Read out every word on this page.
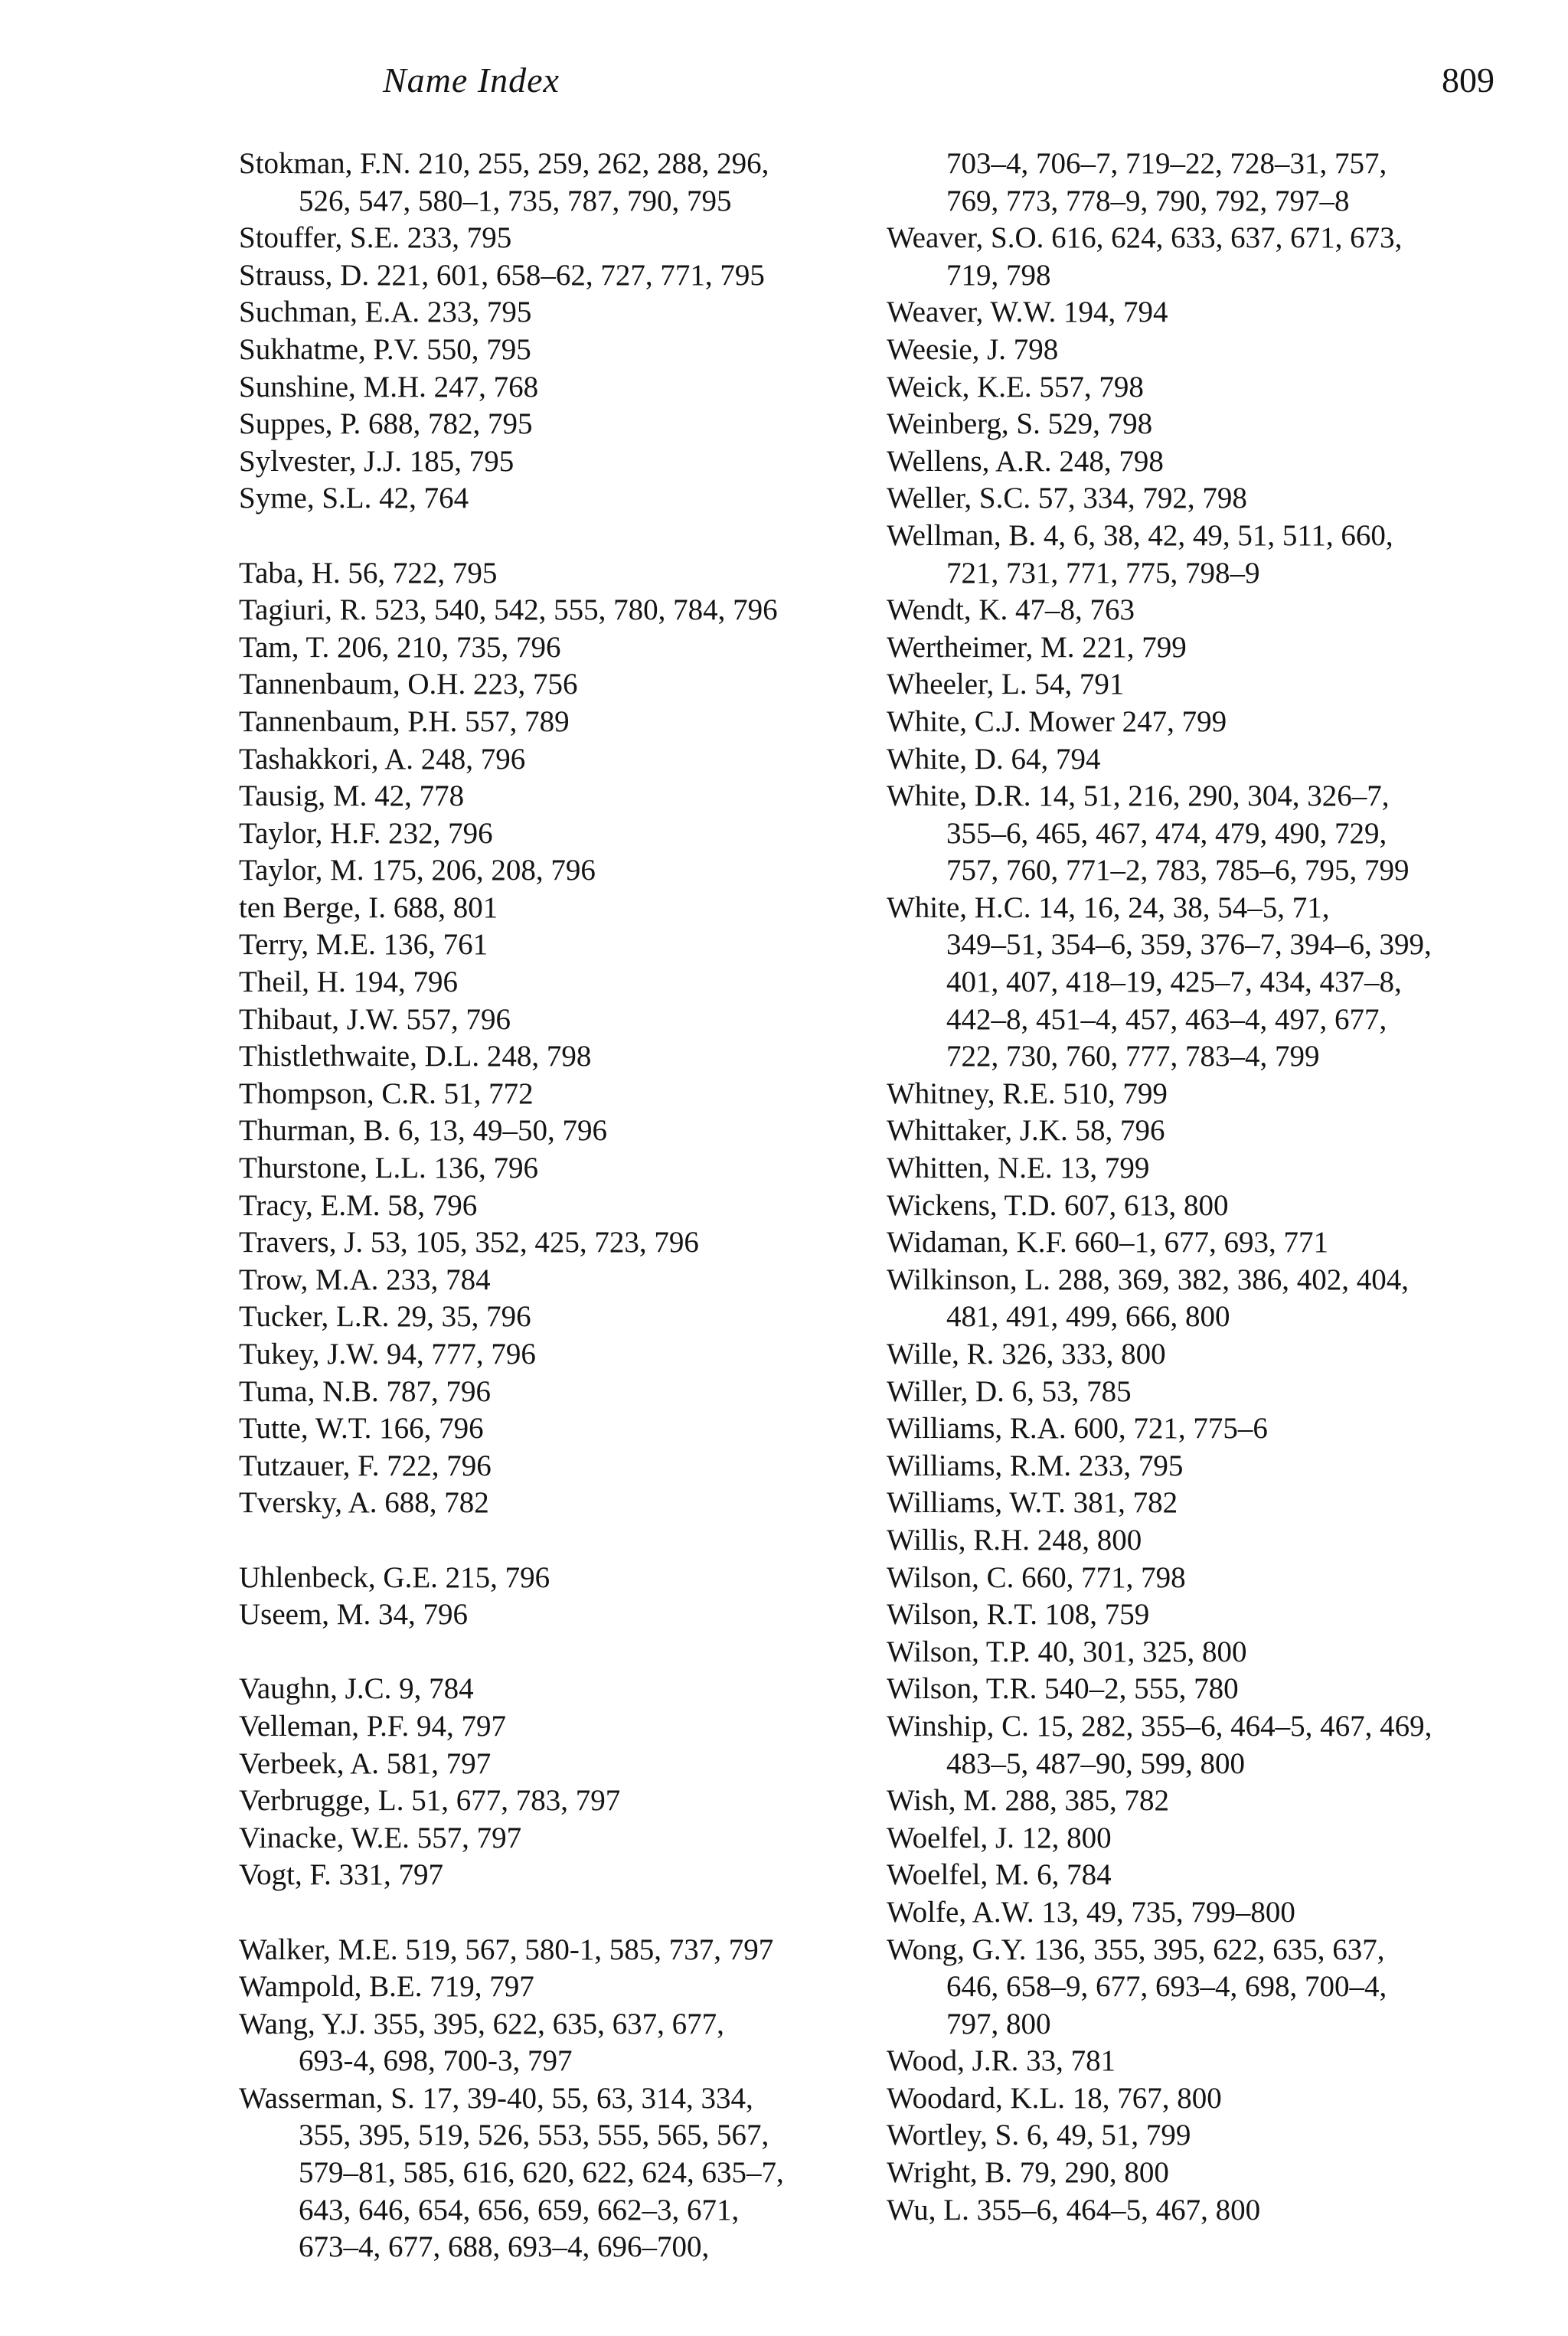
Name Index	809
Stokman, F.N. 210, 255, 259, 262, 288, 296,
526, 547, 580–1, 735, 787, 790, 795
Stouffer, S.E. 233, 795
Strauss, D. 221, 601, 658–62, 727, 771, 795
Suchman, E.A. 233, 795
Sukhatme, P.V. 550, 795
Sunshine, M.H. 247, 768
Suppes, P. 688, 782, 795
Sylvester, J.J. 185, 795
Syme, S.L. 42, 764
Taba, H. 56, 722, 795
Tagiuri, R. 523, 540, 542, 555, 780, 784, 796
Tam, T. 206, 210, 735, 796
Tannenbaum, O.H. 223, 756
Tannenbaum, P.H. 557, 789
Tashakkori, A. 248, 796
Tausig, M. 42, 778
Taylor, H.F. 232, 796
Taylor, M. 175, 206, 208, 796
ten Berge, I. 688, 801
Terry, M.E. 136, 761
Theil, H. 194, 796
Thibaut, J.W. 557, 796
Thistlethwaite, D.L. 248, 798
Thompson, C.R. 51, 772
Thurman, B. 6, 13, 49–50, 796
Thurstone, L.L. 136, 796
Tracy, E.M. 58, 796
Travers, J. 53, 105, 352, 425, 723, 796
Trow, M.A. 233, 784
Tucker, L.R. 29, 35, 796
Tukey, J.W. 94, 777, 796
Tuma, N.B. 787, 796
Tutte, W.T. 166, 796
Tutzauer, F. 722, 796
Tversky, A. 688, 782
Uhlenbeck, G.E. 215, 796
Useem, M. 34, 796
Vaughn, J.C. 9, 784
Velleman, P.F. 94, 797
Verbeek, A. 581, 797
Verbrugge, L. 51, 677, 783, 797
Vinacke, W.E. 557, 797
Vogt, F. 331, 797
Walker, M.E. 519, 567, 580-1, 585, 737, 797
Wampold, B.E. 719, 797
Wang, Y.J. 355, 395, 622, 635, 637, 677,
693-4, 698, 700-3, 797
Wasserman, S. 17, 39-40, 55, 63, 314, 334,
355, 395, 519, 526, 553, 555, 565, 567,
579–81, 585, 616, 620, 622, 624, 635–7,
643, 646, 654, 656, 659, 662–3, 671,
673–4, 677, 688, 693–4, 696–700,
703–4, 706–7, 719–22, 728–31, 757,
769, 773, 778–9, 790, 792, 797–8
Weaver, S.O. 616, 624, 633, 637, 671, 673,
719, 798
Weaver, W.W. 194, 794
Weesie, J. 798
Weick, K.E. 557, 798
Weinberg, S. 529, 798
Wellens, A.R. 248, 798
Weller, S.C. 57, 334, 792, 798
Wellman, B. 4, 6, 38, 42, 49, 51, 511, 660,
721, 731, 771, 775, 798–9
Wendt, K. 47–8, 763
Wertheimer, M. 221, 799
Wheeler, L. 54, 791
White, C.J. Mower 247, 799
White, D. 64, 794
White, D.R. 14, 51, 216, 290, 304, 326–7,
355–6, 465, 467, 474, 479, 490, 729,
757, 760, 771–2, 783, 785–6, 795, 799
White, H.C. 14, 16, 24, 38, 54–5, 71,
349–51, 354–6, 359, 376–7, 394–6, 399,
401, 407, 418–19, 425–7, 434, 437–8,
442–8, 451–4, 457, 463–4, 497, 677,
722, 730, 760, 777, 783–4, 799
Whitney, R.E. 510, 799
Whittaker, J.K. 58, 796
Whitten, N.E. 13, 799
Wickens, T.D. 607, 613, 800
Widaman, K.F. 660–1, 677, 693, 771
Wilkinson, L. 288, 369, 382, 386, 402, 404,
481, 491, 499, 666, 800
Wille, R. 326, 333, 800
Willer, D. 6, 53, 785
Williams, R.A. 600, 721, 775–6
Williams, R.M. 233, 795
Williams, W.T. 381, 782
Willis, R.H. 248, 800
Wilson, C. 660, 771, 798
Wilson, R.T. 108, 759
Wilson, T.P. 40, 301, 325, 800
Wilson, T.R. 540–2, 555, 780
Winship, C. 15, 282, 355–6, 464–5, 467, 469,
483–5, 487–90, 599, 800
Wish, M. 288, 385, 782
Woelfel, J. 12, 800
Woelfel, M. 6, 784
Wolfe, A.W. 13, 49, 735, 799–800
Wong, G.Y. 136, 355, 395, 622, 635, 637,
646, 658–9, 677, 693–4, 698, 700–4,
797, 800
Wood, J.R. 33, 781
Woodard, K.L. 18, 767, 800
Wortley, S. 6, 49, 51, 799
Wright, B. 79, 290, 800
Wu, L. 355–6, 464–5, 467, 800
